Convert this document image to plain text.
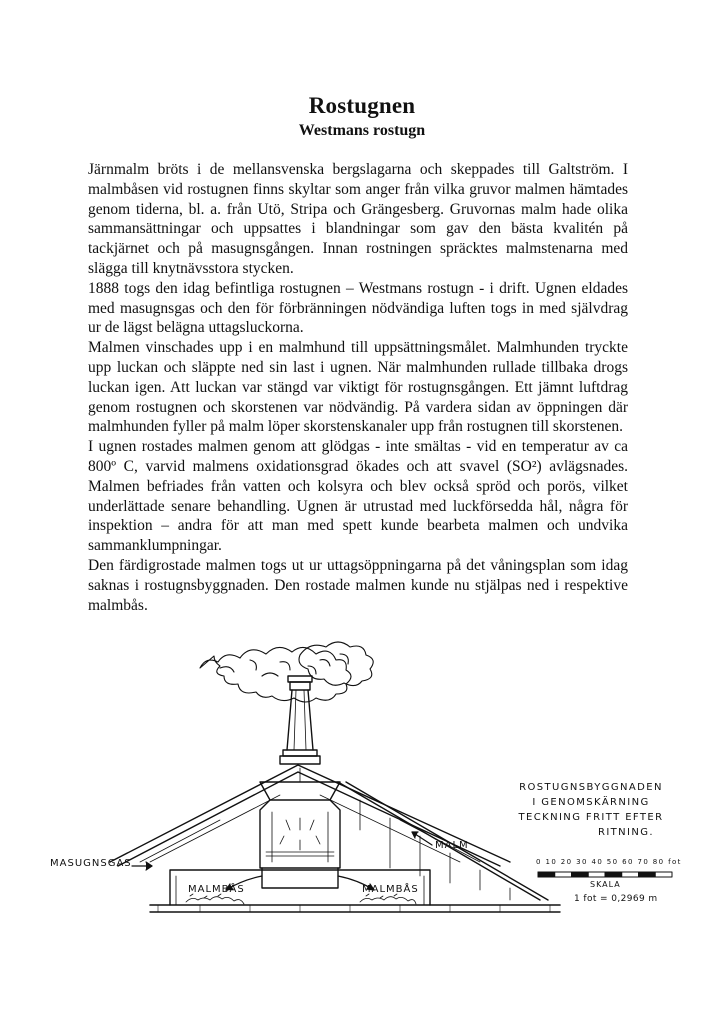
Rostugnen
Westmans rostugn

Järnmalm bröts i de mellansvenska bergslagarna och skeppades till Galtström. I malmbåsen vid rostugnen finns skyltar som anger från vilka gruvor malmen hämtades genom tiderna, bl. a. från Utö, Stripa och Grängesberg. Gruvornas malm hade olika sammansättningar och uppsattes i blandningar som gav den bästa kvalitén på tackjärnet och på masugnsgången. Innan rostningen spräcktes malmstenarna med slägga till knytnävsstora stycken.

1888 togs den idag befintliga rostugnen – Westmans rostugn - i drift. Ugnen eldades med masugnsgas och den för förbränningen nödvändiga luften togs in med självdrag ur de lägst belägna uttagsluckorna.

Malmen vinschades upp i en malmhund till uppsättningsmålet. Malmhunden tryckte upp luckan och släppte ned sin last i ugnen. När malmhunden rullade tillbaka drogs luckan igen. Att luckan var stängd var viktigt för rostugnsgången. Ett jämnt luftdrag genom rostugnen och skorstenen var nödvändig. På vardera sidan av öppningen där malmhunden fyller på malm löper skorstenskanaler upp från rostugnen till skorstenen.

I ugnen rostades malmen genom att glödgas - inte smältas - vid en temperatur av ca 800º C, varvid malmens oxidationsgrad ökades och att svavel (SO²) avlägsnades. Malmen befriades från vatten och kolsyra och blev också spröd och porös, vilket underlättade senare behandling. Ugnen är utrustad med luckförsedda hål, några för inspektion – andra för att man med spett kunde bearbeta malmen och undvika sammanklumpningar.

Den färdigrostade malmen togs ut ur uttagsöppningarna på det våningsplan som idag saknas i rostugnsbyggnaden. Den rostade malmen kunde nu stjälpas ned i respektive malmbås.

MASUGNSGAS
MALM
MALMBÅS	MALMBÅS
ROSTUGNSBYGGNADEN
I GENOMSKÄRNING
TECKNING FRITT EFTER
RITNING.
0 10 20 30 40 50 60 70 80 fot
SKALA
1 fot = 0,2969 m
